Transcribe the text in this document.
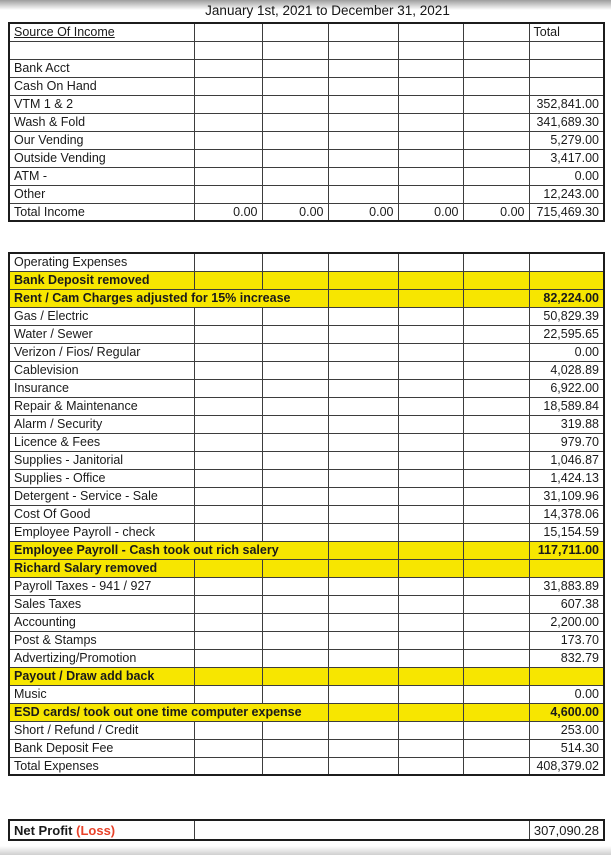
January 1st, 2021 to December 31, 2021
Source Of Income						Total

Bank Acct						
Cash On Hand						
VTM 1 & 2						352,841.00
Wash & Fold						341,689.30
Our Vending						5,279.00
Outside Vending						3,417.00
ATM -						0.00
Other						12,243.00
Total Income	0.00	0.00	0.00	0.00	0.00	715,469.30
Operating Expenses						
Bank Deposit removed						
Rent / Cam Charges adjusted for 15% increase						82,224.00
Gas / Electric						50,829.39
Water / Sewer						22,595.65
Verizon / Fios/ Regular						0.00
Cablevision						4,028.89
Insurance						6,922.00
Repair & Maintenance						18,589.84
Alarm / Security						319.88
Licence & Fees						979.70
Supplies - Janitorial						1,046.87
Supplies - Office						1,424.13
Detergent - Service - Sale						31,109.96
Cost Of Good						14,378.06
Employee Payroll - check						15,154.59
Employee Payroll - Cash took out rich salery						117,711.00
Richard Salary removed						
Payroll Taxes - 941 / 927						31,883.89
Sales Taxes						607.38
Accounting						2,200.00
Post & Stamps						173.70
Advertizing/Promotion						832.79
Payout / Draw add back						
Music						0.00
ESD cards/ took out one time computer expense						4,600.00
Short / Refund / Credit						253.00
Bank Deposit Fee						514.30
Total Expenses						408,379.02
Net Profit (Loss)		307,090.28
